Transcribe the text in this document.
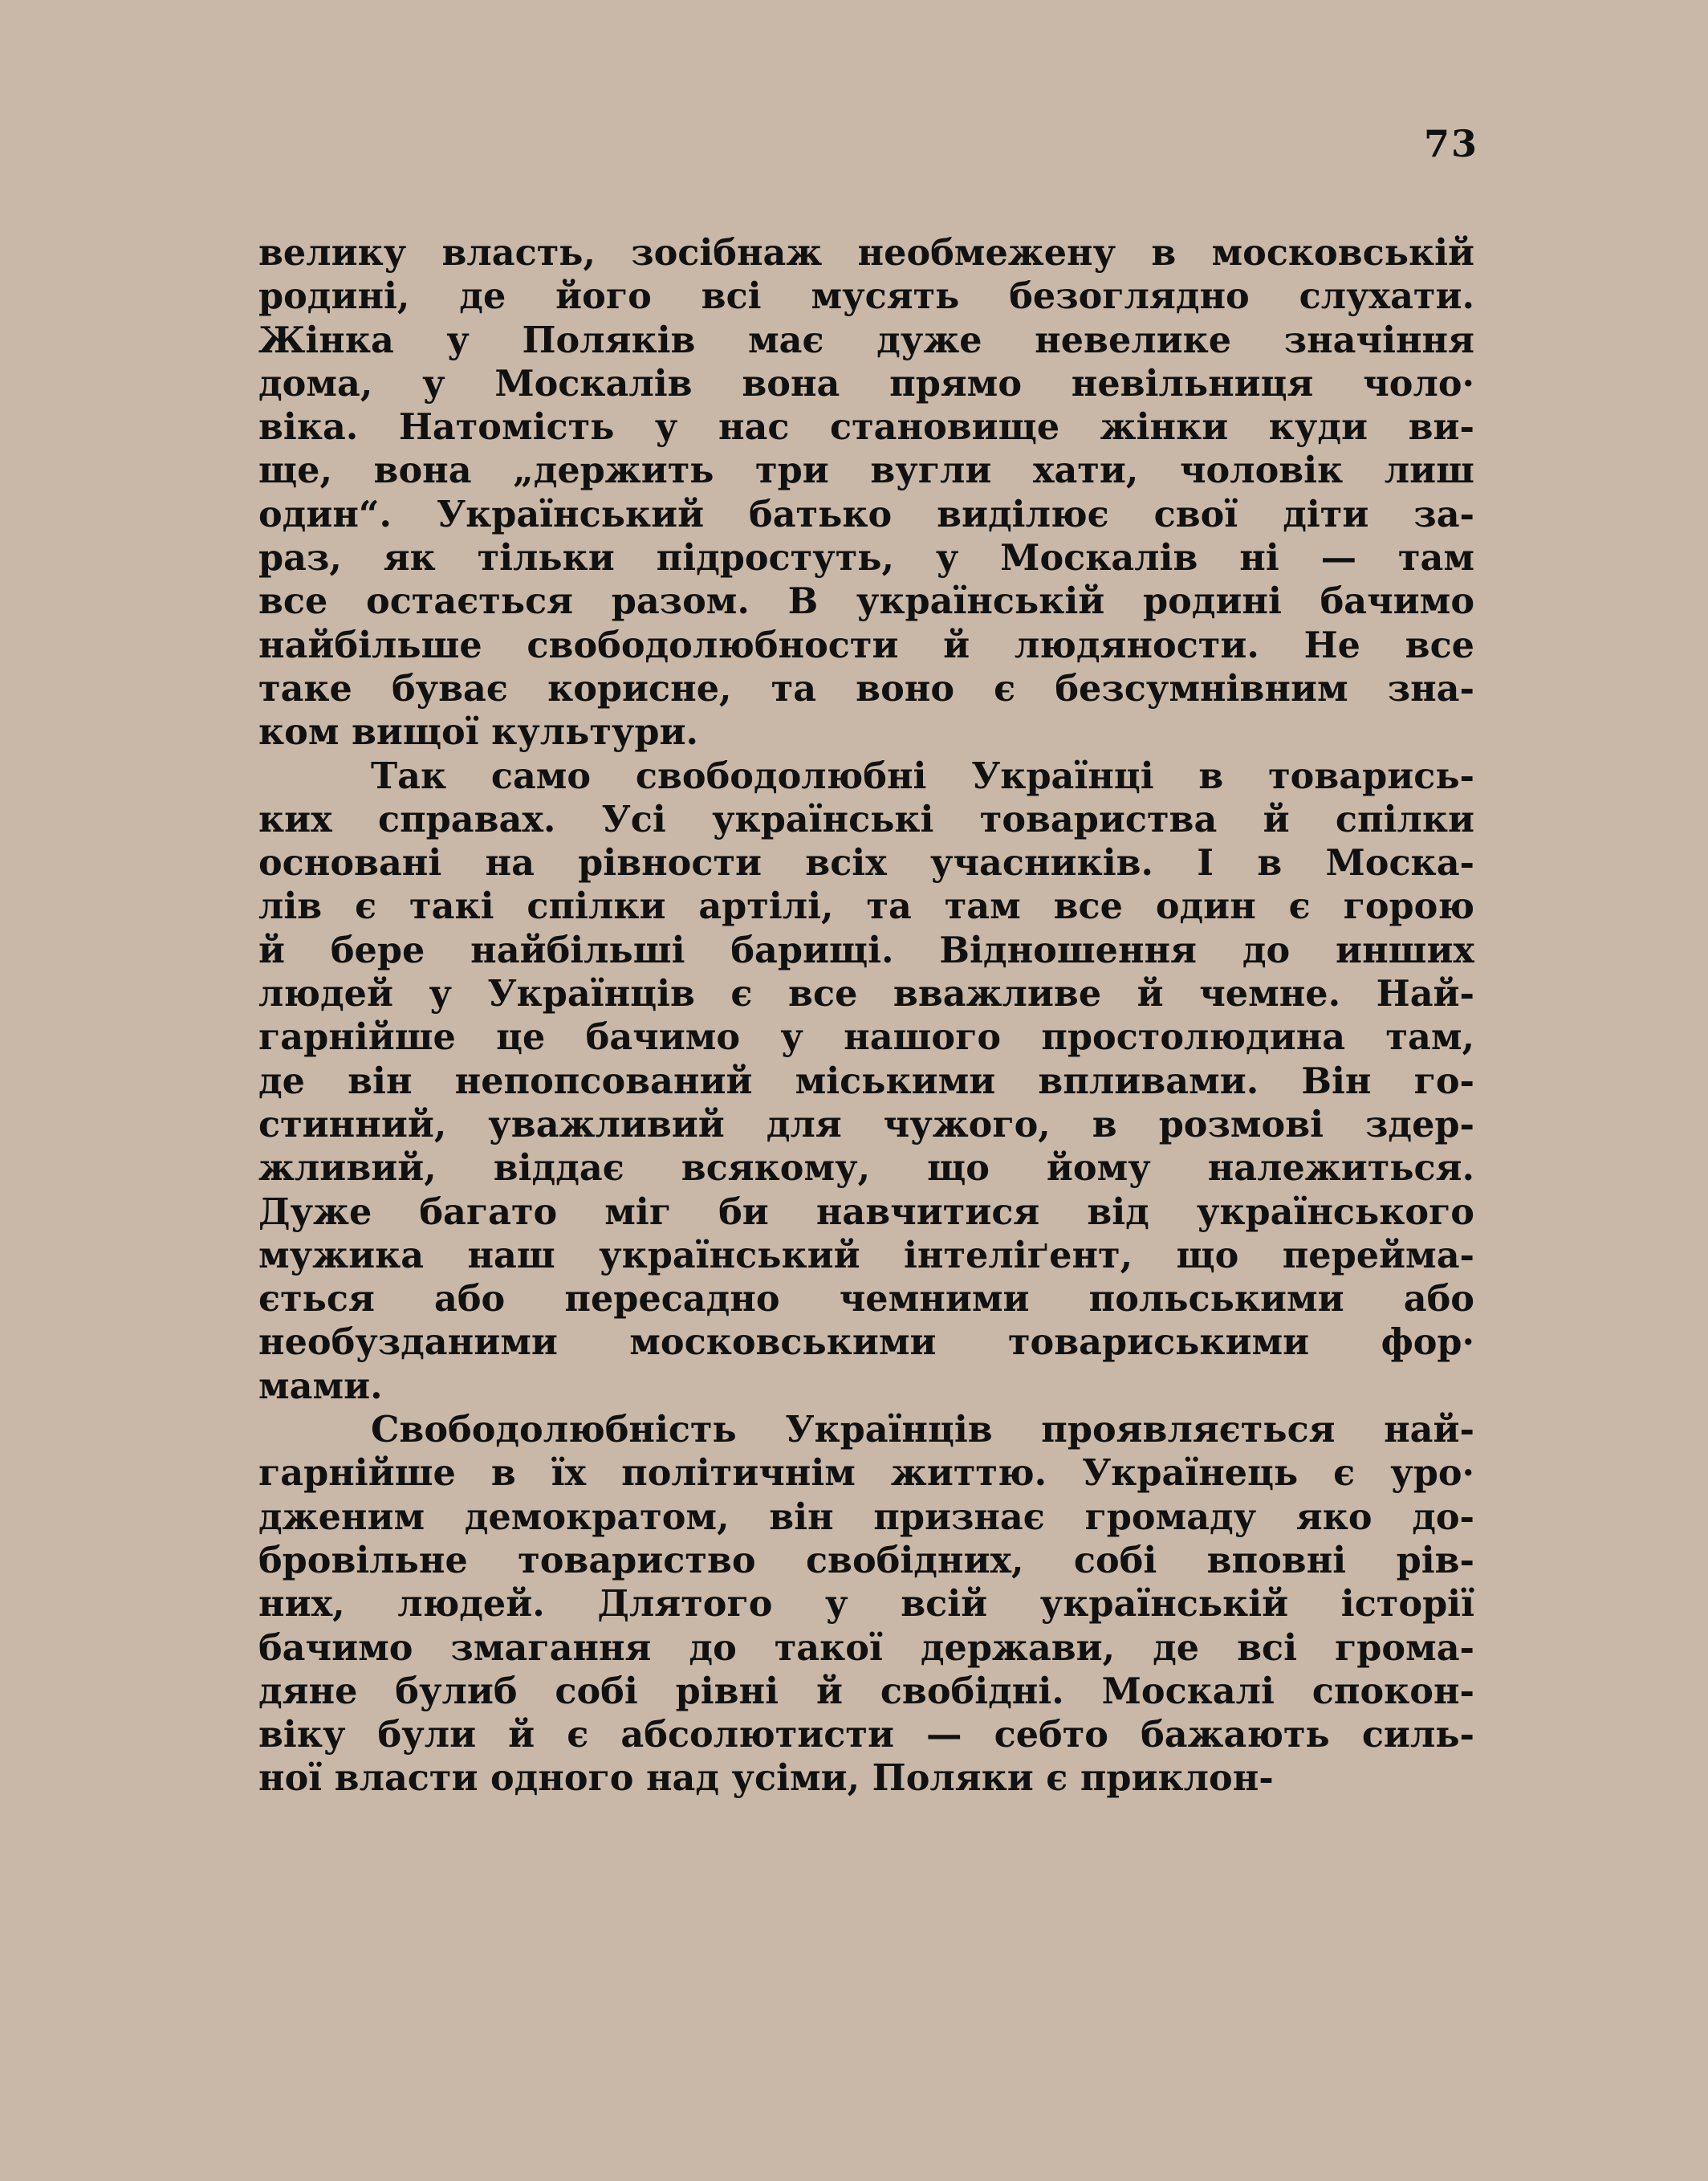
73
велику власть, зосібнаж необмежену в московській
родині, де його всі мусять безоглядно слухати.
Жінка у Поляків має дуже невелике значіння
дома, у Москалів вона прямо невільниця чоло·
віка. Натомість у нас становище жінки куди ви-
ще, вона „держить три вугли хати, чоловік лиш
один“. Український батько виділює свої діти за-
раз, як тільки підростуть, у Москалів ні — там
все остається разом. В українській родині бачимо
найбільше свободолюбности й людяности. Не все
таке буває корисне, та воно є безсумнівним зна-
ком вищої культури.
Так само свободолюбні Українці в товарись-
ких справах. Усі українські товариства й спілки
основані на рівности всіх учасників. І в Моска-
лів є такі спілки артілі, та там все один є горою
й бере найбільші барищі. Відношення до инших
людей у Українців є все вважливе й чемне. Най-
гарнійше це бачимо у нашого простолюдина там,
де він непопсований міськими впливами. Він го-
стинний, уважливий для чужого, в розмові здер-
жливий, віддає всякому, що йому належиться.
Дуже багато міг би навчитися від українського
мужика наш український інтеліґент, що перейма-
ється або пересадно чемними польськими або
необузданими московськими товариськими фор·
мами.
Свободолюбність Українців проявляється най-
гарнійше в їх політичнім життю. Українець є уро·
дженим демократом, він признає громаду яко до-
бровільне товариство свобідних, собі вповні рів-
них, людей. Длятого у всій українській історії
бачимо змагання до такої держави, де всі грома-
дяне булиб собі рівні й свобідні. Москалі спокон-
віку були й є абсолютисти — себто бажають силь-
ної власти одного над усіми, Поляки є приклон-
